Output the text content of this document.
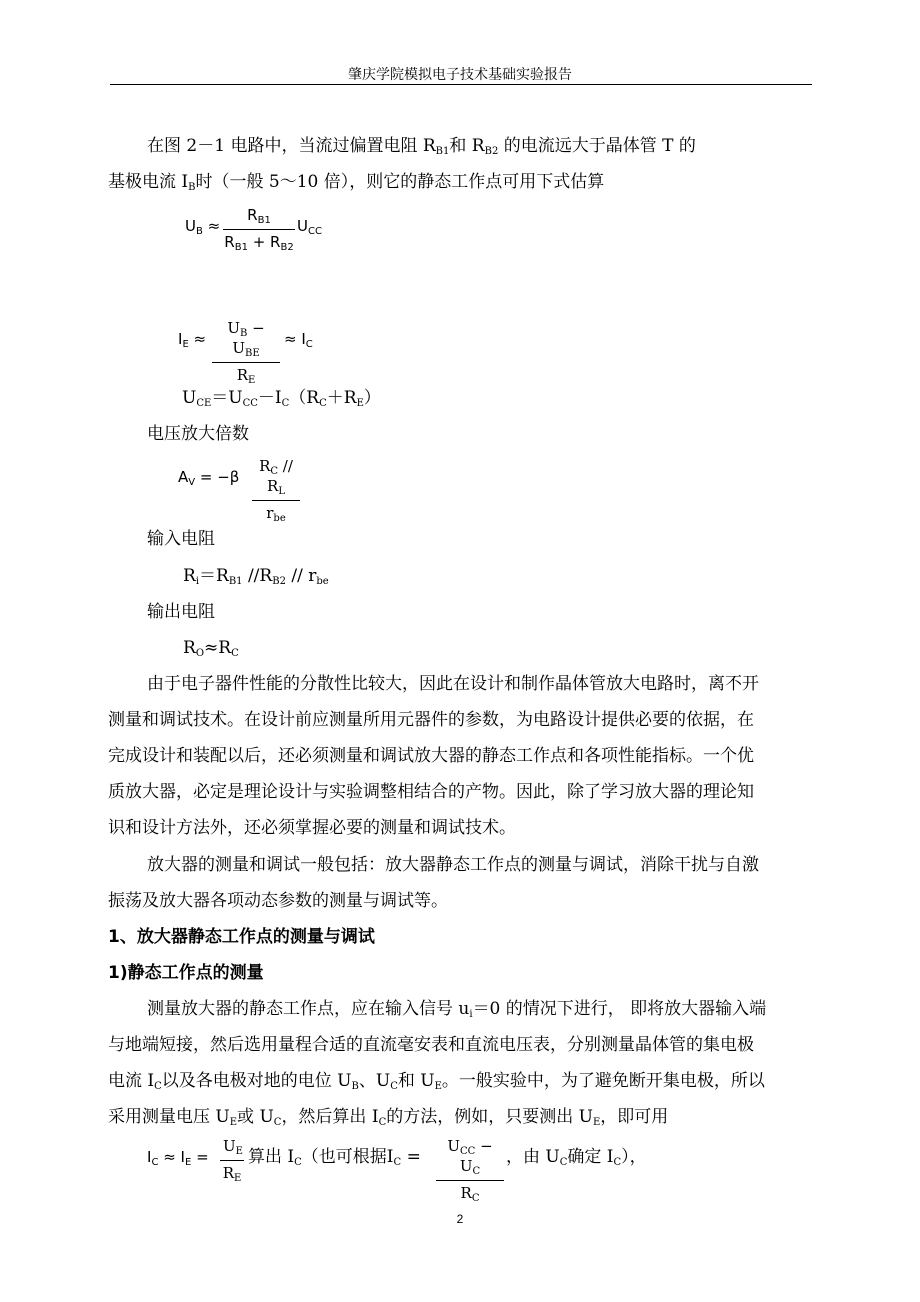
肇庆学院模拟电子技术基础实验报告
在图 2－1 电路中，当流过偏置电阻 $R_{B1}$和 $R_{B2}$ 的电流远大于晶体管 T 的
基极电流 $I_B$时（一般 5～10 倍），则它的静态工作点可用下式估算
$U_B \approx \frac{R_{B1}}{R_{B1} + R_{B2}} U_{CC}$
$I_E$ ≈
$U_B - U_{BE}$
$R_E$
≈ $I_C$
$U_{CE}=U_{CC}-I_C(R_C+R_E)$
电压放大倍数
$A_V = -\beta$
$R_C // R_L$
$r_{be}$
输入电阻
$R_i=R_{B1}$ $//R_{B2} // r_{be}$
输出电阻
$R_O\approx R_C$
由于电子器件性能的分散性比较大，因此在设计和制作晶体管放大电路时，离不开
测量和调试技术。在设计前应测量所用元器件的参数，为电路设计提供必要的依据，在
完成设计和装配以后，还必须测量和调试放大器的静态工作点和各项性能指标。一个优
质放大器，必定是理论设计与实验调整相结合的产物。因此，除了学习放大器的理论知
识和设计方法外，还必须掌握必要的测量和调试技术。
放大器的测量和调试一般包括：放大器静态工作点的测量与调试，消除干扰与自激
振荡及放大器各项动态参数的测量与调试等。
1、放大器静态工作点的测量与调试
1)静态工作点的测量
测量放大器的静态工作点，应在输入信号 $u_i=0$ 的情况下进行， 即将放大器输入端
与地端短接，然后选用量程合适的直流毫安表和直流电压表，分别测量晶体管的集电极
电流 $I_C$以及各电极对地的电位 $U_B$、$U_C$和 $U_E$。一般实验中，为了避免断开集电极，所以
采用测量电压 $U_E$或 $U_C$，然后算出 $I_C$的方法，例如，只要测出 $U_E$，即可用
$I_C \approx I_E = \frac{U_E}{R_E}$ 算出 $I_C$（也可根据$I_C$ =
$U_{CC} - U_C$
$R_C$
，由 $U_C$确定 $I_C$），
2
